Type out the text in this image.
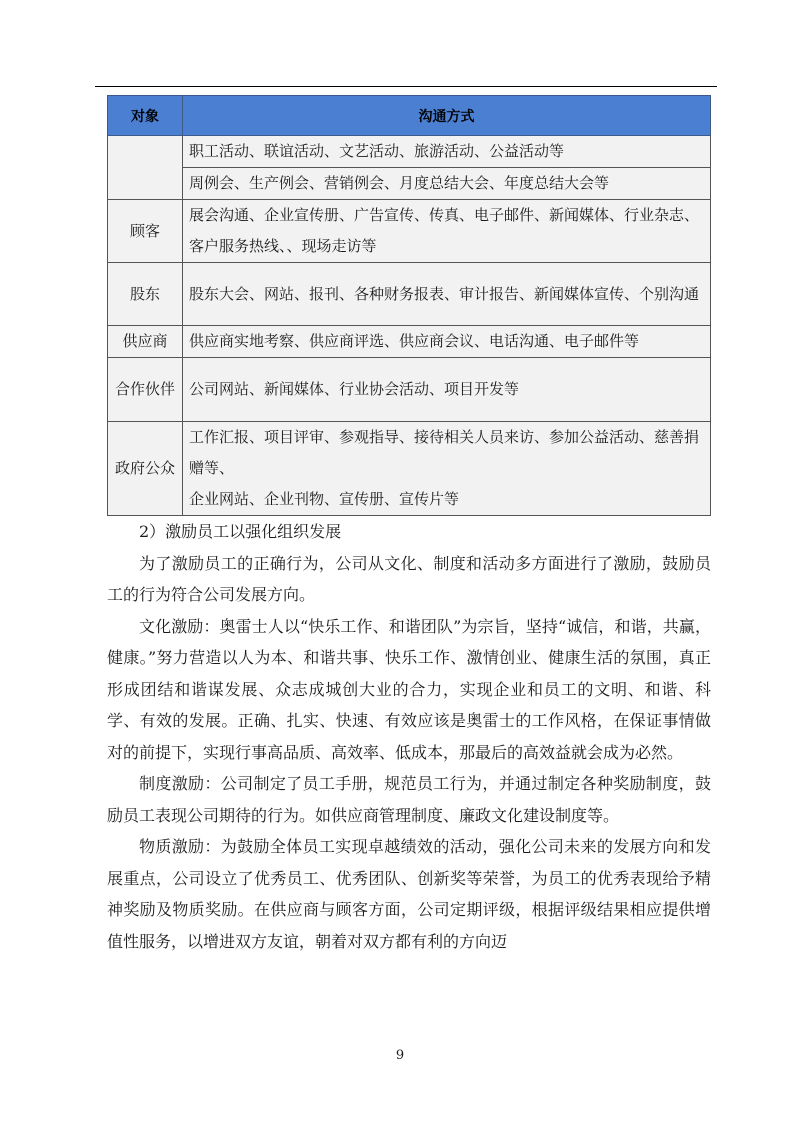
对象	沟通方式

	职工活动、联谊活动、文艺活动、旅游活动、公益活动等
周例会、生产例会、营销例会、月度总结大会、年度总结大会等

顾客	展会沟通、企业宣传册、广告宣传、传真、电子邮件、新闻媒体、行业杂志、客户服务热线、、现场走访等
股东	股东大会、网站、报刊、各种财务报表、审计报告、新闻媒体宣传、个别沟通
供应商	供应商实地考察、供应商评选、供应商会议、电话沟通、电子邮件等
合作伙伴	公司网站、新闻媒体、行业协会活动、项目开发等
政府公众	工作汇报、项目评审、参观指导、接待相关人员来访、参加公益活动、慈善捐赠等、
企业网站、企业刊物、宣传册、宣传片等

2）激励员工以强化组织发展

为了激励员工的正确行为，公司从文化、制度和活动多方面进行了激励，鼓励员工的行为符合公司发展方向。

文化激励：奥雷士人以“快乐工作、和谐团队”为宗旨，坚持“诚信，和谐，共赢，健康。”努力营造以人为本、和谐共事、快乐工作、激情创业、健康生活的氛围，真正形成团结和谐谋发展、众志成城创大业的合力，实现企业和员工的文明、和谐、科学、有效的发展。正确、扎实、快速、有效应该是奥雷士的工作风格，在保证事情做对的前提下，实现行事高品质、高效率、低成本，那最后的高效益就会成为必然。

制度激励：公司制定了员工手册，规范员工行为，并通过制定各种奖励制度，鼓励员工表现公司期待的行为。如供应商管理制度、廉政文化建设制度等。

物质激励：为鼓励全体员工实现卓越绩效的活动，强化公司未来的发展方向和发展重点，公司设立了优秀员工、优秀团队、创新奖等荣誉，为员工的优秀表现给予精神奖励及物质奖励。在供应商与顾客方面，公司定期评级，根据评级结果相应提供增值性服务，以增进双方友谊，朝着对双方都有利的方向迈

9
